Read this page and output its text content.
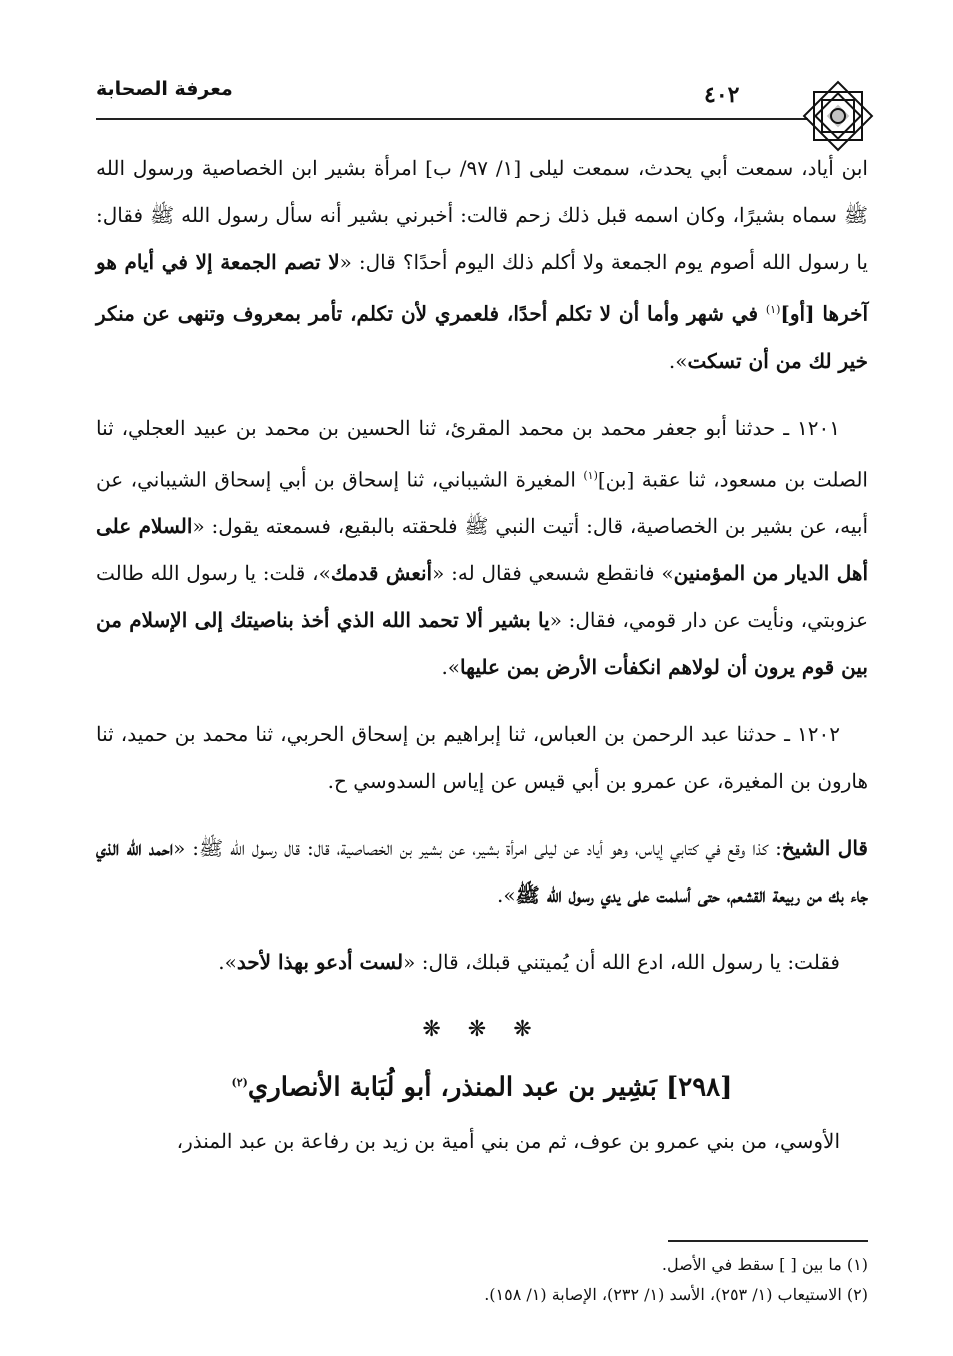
معرفة الصحابة	٤٠٢

ابن أياد، سمعت أبي يحدث، سمعت ليلى [١/ ٩٧/ ب] امرأة بشير ابن الخصاصية ورسول الله ﷺ سماه بشيرًا، وكان اسمه قبل ذلك زحم قالت: أخبرني بشير أنه سأل رسول الله ﷺ فقال: يا رسول الله أصوم يوم الجمعة ولا أكلم ذلك اليوم أحدًا؟ قال: «لا تصم الجمعة إلا في أيام هو آخرها [أو]$^{(١)}$ في شهر وأما أن لا تكلم أحدًا، فلعمري لأن تكلم، تأمر بمعروف وتنهى عن منكر خير لك من أن تسكت».

١٢٠١ ـ حدثنا أبو جعفر محمد بن محمد المقرئ، ثنا الحسين بن محمد بن عبيد العجلي، ثنا الصلت بن مسعود، ثنا عقبة [بن]$^{(١)}$ المغيرة الشيباني، ثنا إسحاق بن أبي إسحاق الشيباني، عن أبيه، عن بشير بن الخصاصية، قال: أتيت النبي ﷺ فلحقته بالبقيع، فسمعته يقول: «السلام على أهل الديار من المؤمنين» فانقطع شسعي فقال له: «أنعش قدمك»، قلت: يا رسول الله طالت عزوبتي، ونأيت عن دار قومي، فقال: «يا بشير ألا تحمد الله الذي أخذ بناصيتك إلى الإسلام من بين قوم يرون أن لولاهم انكفأت الأرض بمن عليها».

١٢٠٢ ـ حدثنا عبد الرحمن بن العباس، ثنا إبراهيم بن إسحاق الحربي، ثنا محمد بن حميد، ثنا هارون بن المغيرة، عن عمرو بن أبي قيس عن إياس السدوسي ح.

قال الشيخ: كذا وقع في كتابي إياس، وهو أياد عن ليلى امرأة بشير، عن بشير بن الخصاصية، قال: قال رسول الله ﷺ: «احمد الله الذي جاء بك من ربيعة القشعم، حتى أسلمت على يدي رسول الله ﷺ».

فقلت: يا رسول الله، ادع الله أن يُميتني قبلك، قال: «لست أدعو بهذا لأحد».

❋ ❋ ❋
[٢٩٨] بَشِير بن عبد المنذر، أبو لُبَابة الأنصاري$^{(٢)}$

الأوسي، من بني عمرو بن عوف، ثم من بني أمية بن زيد بن رفاعة بن عبد المنذر،

(١) ما بين [ ] سقط في الأصل.

(٢) الاستيعاب (١/ ٢٥٣)، الأسد (١/ ٢٣٢)، الإصابة (١/ ١٥٨).
